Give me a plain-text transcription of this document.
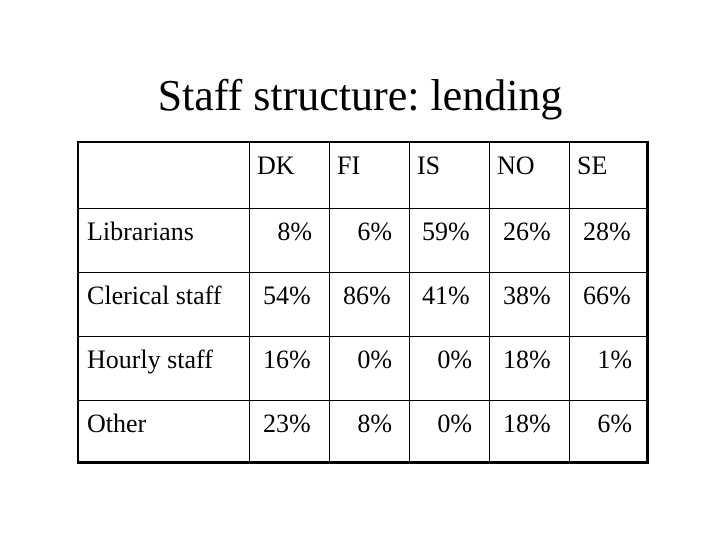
Staff structure: lending
DK FI IS NO SE
Librarians	8% 6% 59% 26% 28%
Clerical staff 54% 86% 41% 38% 66%
Hourly staff 16% 0% 0% 18% 1%
Other	23% 8% 0% 18% 6%
